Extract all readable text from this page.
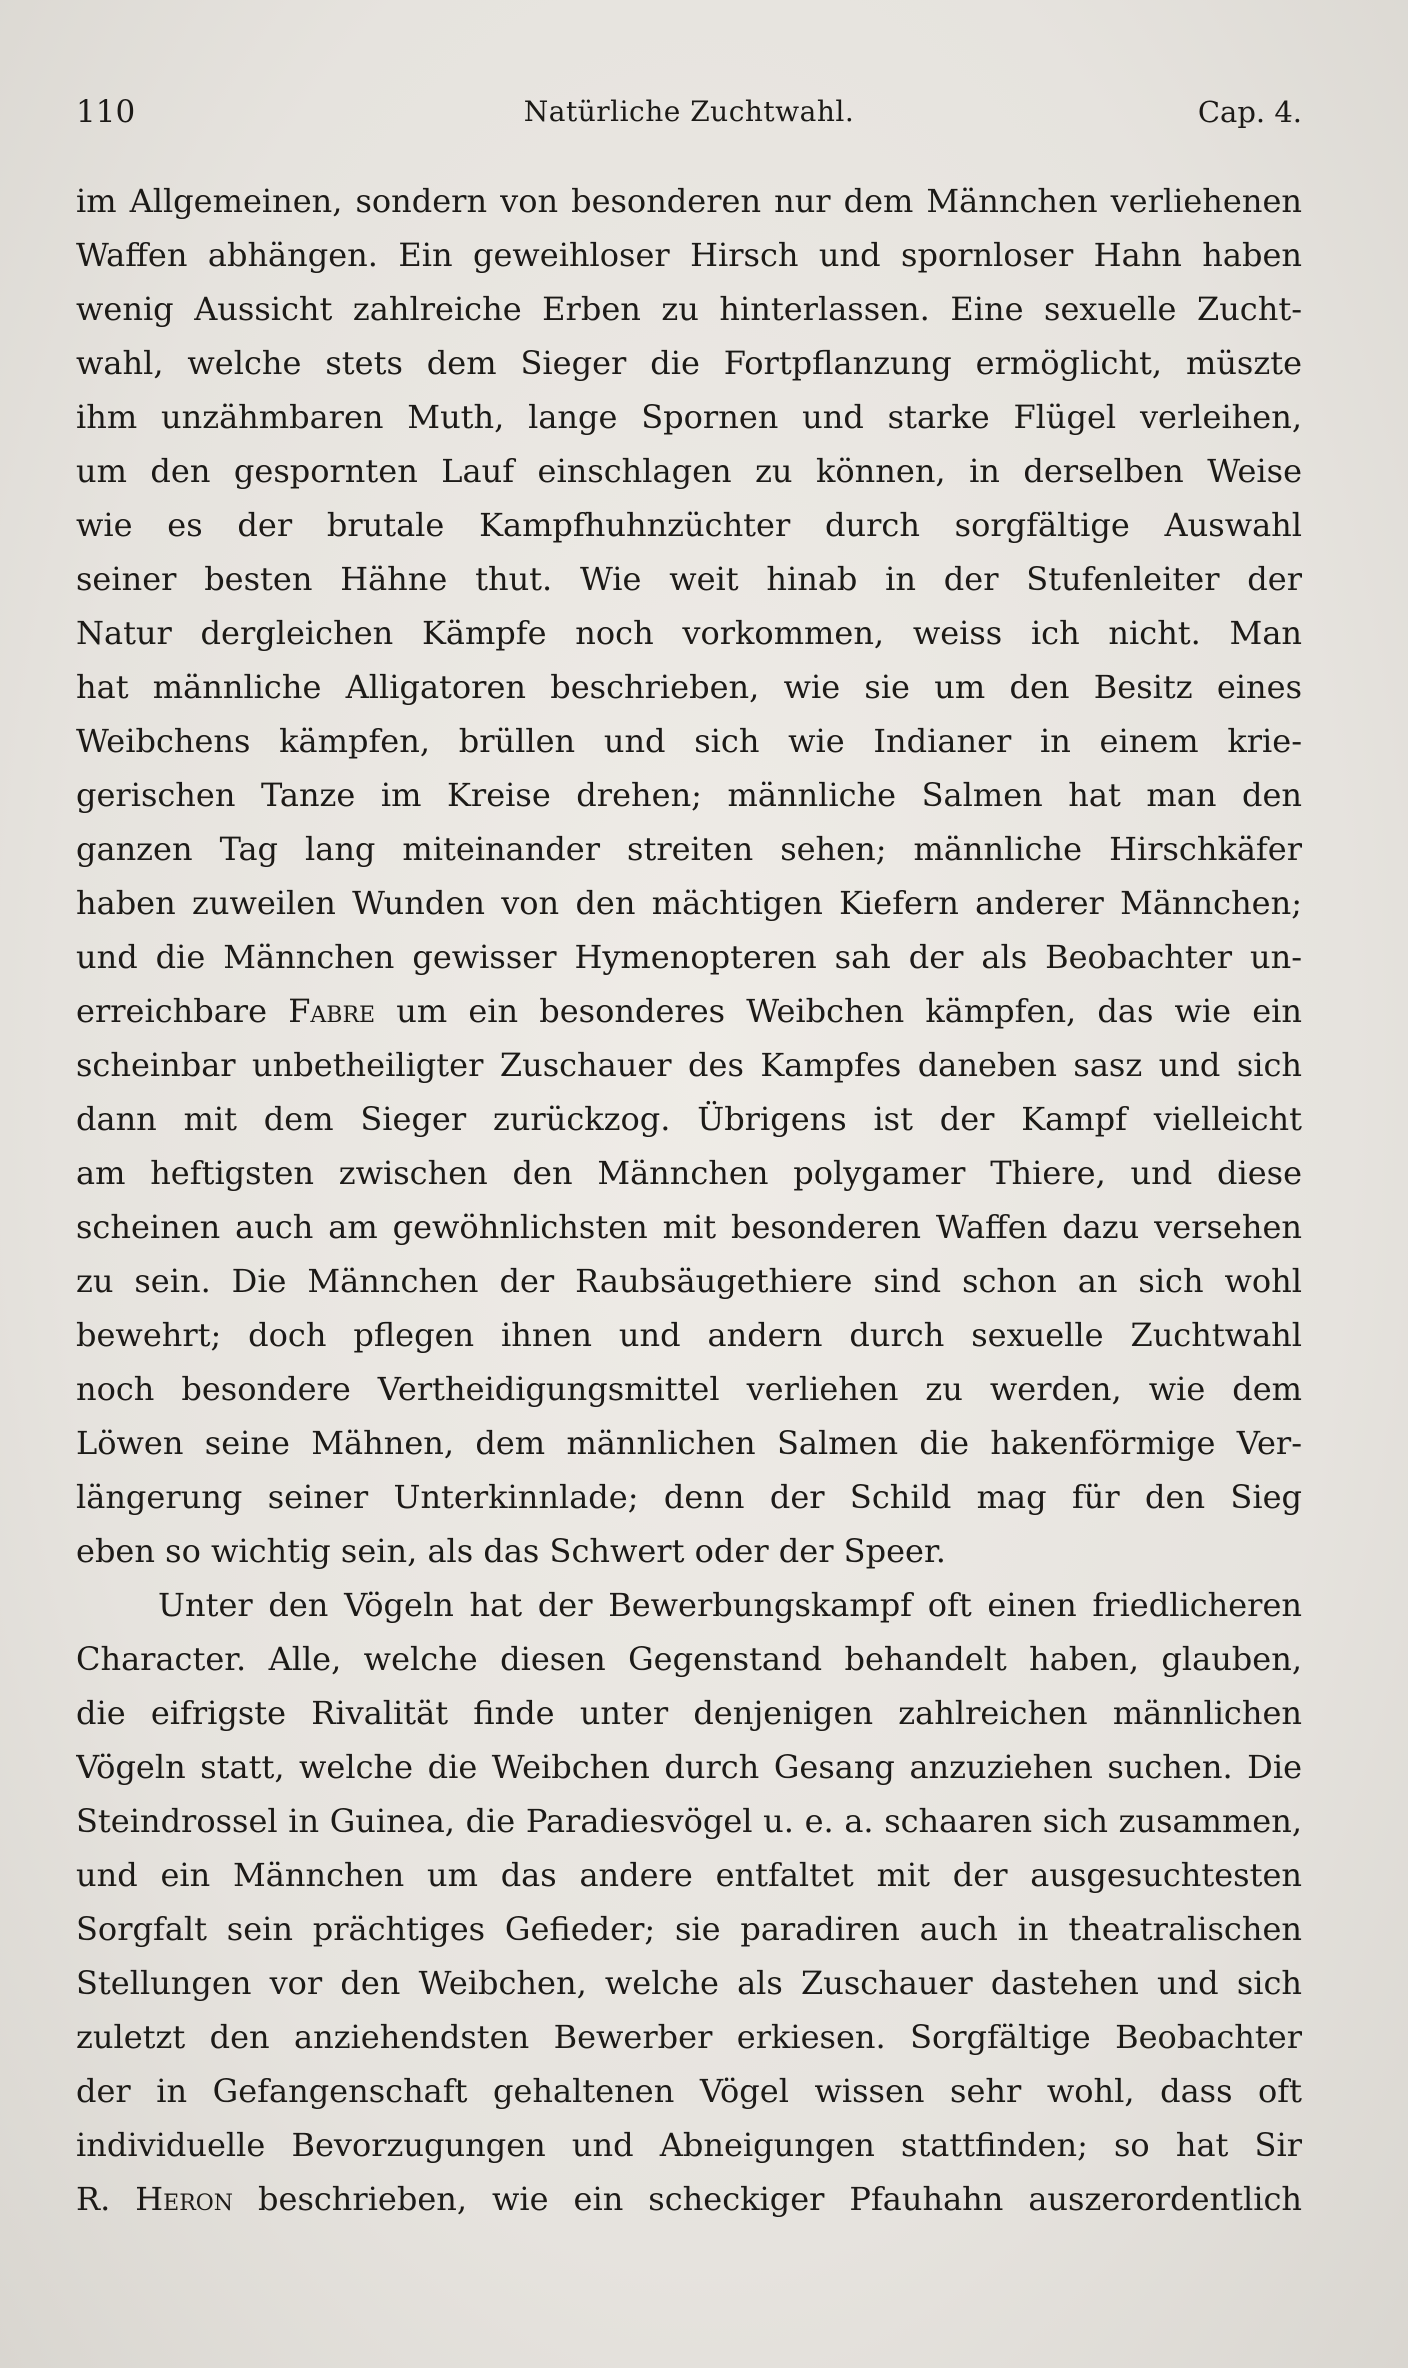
110	Natürliche Zuchtwahl.	Cap. 4.
im Allgemeinen, sondern von besonderen nur dem Männchen verliehenen
Waffen abhängen. Ein geweihloser Hirsch und spornloser Hahn haben
wenig Aussicht zahlreiche Erben zu hinterlassen. Eine sexuelle Zucht-
wahl, welche stets dem Sieger die Fortpflanzung ermöglicht, müszte
ihm unzähmbaren Muth, lange Spornen und starke Flügel verleihen,
um den gespornten Lauf einschlagen zu können, in derselben Weise
wie es der brutale Kampfhuhnzüchter durch sorgfältige Auswahl
seiner besten Hähne thut. Wie weit hinab in der Stufenleiter der
Natur dergleichen Kämpfe noch vorkommen, weiss ich nicht. Man
hat männliche Alligatoren beschrieben, wie sie um den Besitz eines
Weibchens kämpfen, brüllen und sich wie Indianer in einem krie-
gerischen Tanze im Kreise drehen; männliche Salmen hat man den
ganzen Tag lang miteinander streiten sehen; männliche Hirschkäfer
haben zuweilen Wunden von den mächtigen Kiefern anderer Männchen;
und die Männchen gewisser Hymenopteren sah der als Beobachter un-
erreichbare Fabre um ein besonderes Weibchen kämpfen, das wie ein
scheinbar unbetheiligter Zuschauer des Kampfes daneben sasz und sich
dann mit dem Sieger zurückzog. Übrigens ist der Kampf vielleicht
am heftigsten zwischen den Männchen polygamer Thiere, und diese
scheinen auch am gewöhnlichsten mit besonderen Waffen dazu versehen
zu sein. Die Männchen der Raubsäugethiere sind schon an sich wohl
bewehrt; doch pflegen ihnen und andern durch sexuelle Zuchtwahl
noch besondere Vertheidigungsmittel verliehen zu werden, wie dem
Löwen seine Mähnen, dem männlichen Salmen die hakenförmige Ver-
längerung seiner Unterkinnlade; denn der Schild mag für den Sieg
eben so wichtig sein, als das Schwert oder der Speer.
Unter den Vögeln hat der Bewerbungskampf oft einen friedlicheren
Character. Alle, welche diesen Gegenstand behandelt haben, glauben,
die eifrigste Rivalität finde unter denjenigen zahlreichen männlichen
Vögeln statt, welche die Weibchen durch Gesang anzuziehen suchen. Die
Steindrossel in Guinea, die Paradiesvögel u. e. a. schaaren sich zusammen,
und ein Männchen um das andere entfaltet mit der ausgesuchtesten
Sorgfalt sein prächtiges Gefieder; sie paradiren auch in theatralischen
Stellungen vor den Weibchen, welche als Zuschauer dastehen und sich
zuletzt den anziehendsten Bewerber erkiesen. Sorgfältige Beobachter
der in Gefangenschaft gehaltenen Vögel wissen sehr wohl, dass oft
individuelle Bevorzugungen und Abneigungen stattfinden; so hat Sir
R. Heron beschrieben, wie ein scheckiger Pfauhahn auszerordentlich
